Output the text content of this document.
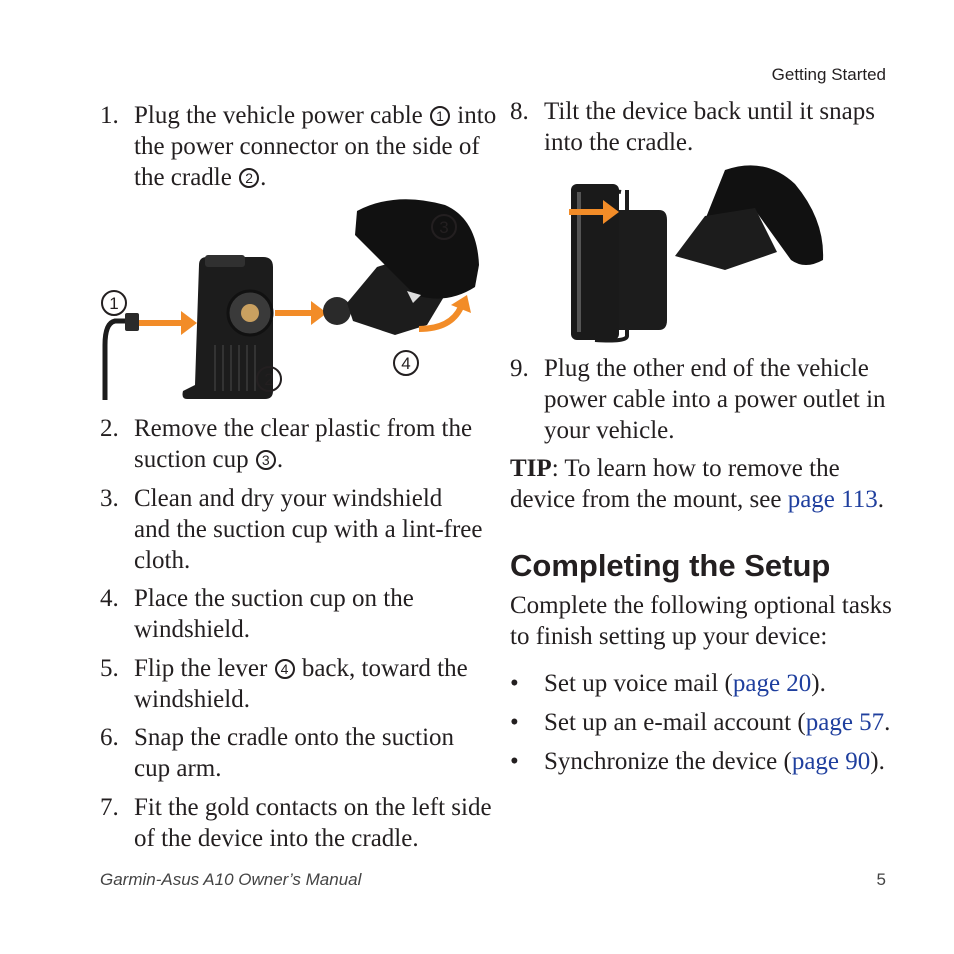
Getting Started
Garmin-Asus A10 Owner’s Manual	5
1. Plug the vehicle power cable 1 into
the power connector on the side of
the cradle 2 .
1
2
3
4
2. Remove the clear plastic from the
suction cup 3 .
3. Clean and dry your windshield
and the suction cup with a lint-free
cloth.
4. Place the suction cup on the
windshield.
5. Flip the lever 4 back, toward the
windshield.
6. Snap the cradle onto the suction
cup arm.
7. Fit the gold contacts on the left side
of the device into the cradle.
8. Tilt the device back until it snaps
into the cradle.
9. Plug the other end of the vehicle
power cable into a power outlet in
your vehicle.
TIP: To learn how to remove the
device from the mount, see page 113.
Completing the Setup
Complete the following optional tasks
to finish setting up your device:
• Set up voice mail (page 20).
• Set up an e-mail account (page 57.
• Synchronize the device (page 90).
